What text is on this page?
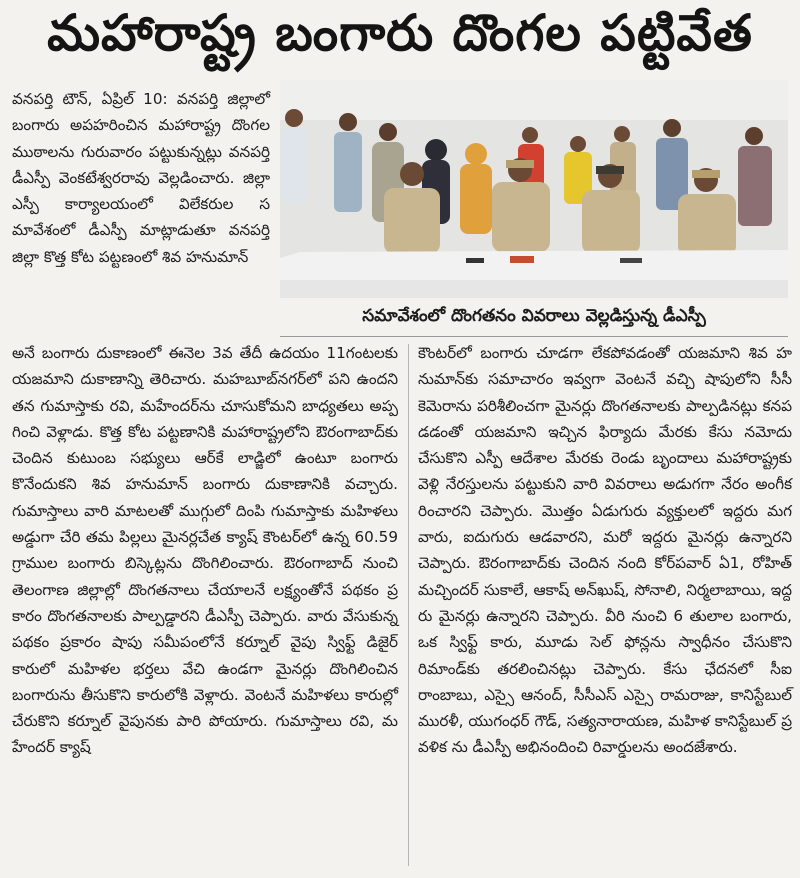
మహారాష్ట్ర బంగారు దొంగల పట్టివేత

వనపర్తి టౌన్, ఏప్రిల్ 10: వనపర్తి జిల్లాలో బంగారు అపహరించిన మహారాష్ట్ర దొంగల ముఠాలను గురువారం పట్టుకున్నట్లు వనపర్తి డీఎస్పీ వెంకటేశ్వరరావు వెల్లడించారు. జిల్లా ఎస్పీ కార్యాలయంలో విలేకరుల సమావేశంలో డీఎస్పీ మాట్లాడుతూ వనపర్తి జిల్లా కొత్త కోట పట్టణంలో శివ హనుమాన్

సమావేశంలో దొంగతనం వివరాలు వెల్లడిస్తున్న డీఎస్పీ

అనే బంగారు దుకాణంలో ఈనెల 3వ తేదీ ఉదయం 11గంటలకు యజమాని దుకాణాన్ని తెరిచారు. మహబూబ్‌నగర్‌లో పని ఉందని తన గుమాస్తాకు రవి, మహేందర్‌ను చూసుకోమని బాధ్యతలు అప్పగించి వెళ్లాడు. కొత్త కోట పట్టణానికి మహారాష్ట్రలోని ఔరంగాబాద్‌కు చెందిన కుటుంబ సభ్యులు ఆర్‌కే లాడ్జిలో ఉంటూ బంగారు కొనేందుకని శివ హనుమాన్ బంగారు దుకాణానికి వచ్చారు. గుమాస్తాలు వారి మాటలతో ముగ్గులో దింపి గుమాస్తాకు మహిళలు అడ్డుగా చేరి తమ పిల్లలు మైనర్లచేత క్యాష్ కౌంటర్‌లో ఉన్న 60.59 గ్రాముల బంగారు బిస్కెట్లను దొంగిలించారు. ఔరంగాబాద్ నుంచి తెలంగాణ జిల్లాల్లో దొంగతనాలు చేయాలనే లక్ష్యంతోనే పథకం ప్రకారం దొంగతనాలకు పాల్పడ్డారని డీఎస్పీ చెప్పారు. వారు వేసుకున్న పథకం ప్రకారం షాపు సమీపంలోనే కర్నూల్ వైపు స్విఫ్ట్ డిజైర్ కారులో మహిళల భర్తలు వేచి ఉండగా మైనర్లు దొంగిలించిన బంగారును తీసుకొని కారులోకి వెళ్లారు. వెంటనే మహిళలు కారుల్లో చేరుకొని కర్నూల్ వైపునకు పారి పోయారు. గుమాస్తాలు రవి, మహేందర్ క్యాష్

కౌంటర్‌లో బంగారు చూడగా లేకపోవడంతో యజమాని శివ హనుమాన్‌కు సమాచారం ఇవ్వగా వెంటనే వచ్చి షాపులోని సీసీ కెమెరాను పరిశీలించగా మైనర్లు దొంగతనాలకు పాల్పడినట్లు కనపడడంతో యజమాని ఇచ్చిన ఫిర్యాదు మేరకు కేసు నమోదు చేసుకొని ఎస్పీ ఆదేశాల మేరకు రెండు బృందాలు మహారాష్ట్రకు వెళ్లి నేరస్తులను పట్టుకుని వారి వివరాలు అడుగగా నేరం అంగీకరించారని చెప్పారు. మొత్తం ఏడుగురు వ్యక్తులలో ఇద్దరు మగవారు, ఐదుగురు ఆడవారని, మరో ఇద్దరు మైనర్లు ఉన్నారని చెప్పారు. ఔరంగాబాద్‌కు చెందిన నంది కోర్‌పవార్ ఏ1, రోహిత్ మచ్చిందర్ సుకాలే, ఆకాష్ అన్‌ఖుష్, సోనాలి, నిర్మలాబాయి, ఇద్దరు మైనర్లు ఉన్నారని చెప్పారు. వీరి నుంచి 6 తులాల బంగారు, ఒక స్విఫ్ట్ కారు, మూడు సెల్ ఫోన్లను స్వాధీనం చేసుకొని రిమాండ్‌కు తరలించినట్లు చెప్పారు. కేసు ఛేదనలో సీఐ రాంబాబు, ఎస్సై ఆనంద్, సీసీఎస్ ఎస్సై రామరాజు, కానిస్టేబుల్ మురళీ, యుగంధర్ గౌడ్, సత్యనారాయణ, మహిళ కానిస్టేబుల్ ప్రవళిక ను డీఎస్పీ అభినందించి రివార్డులను అందజేశారు.
